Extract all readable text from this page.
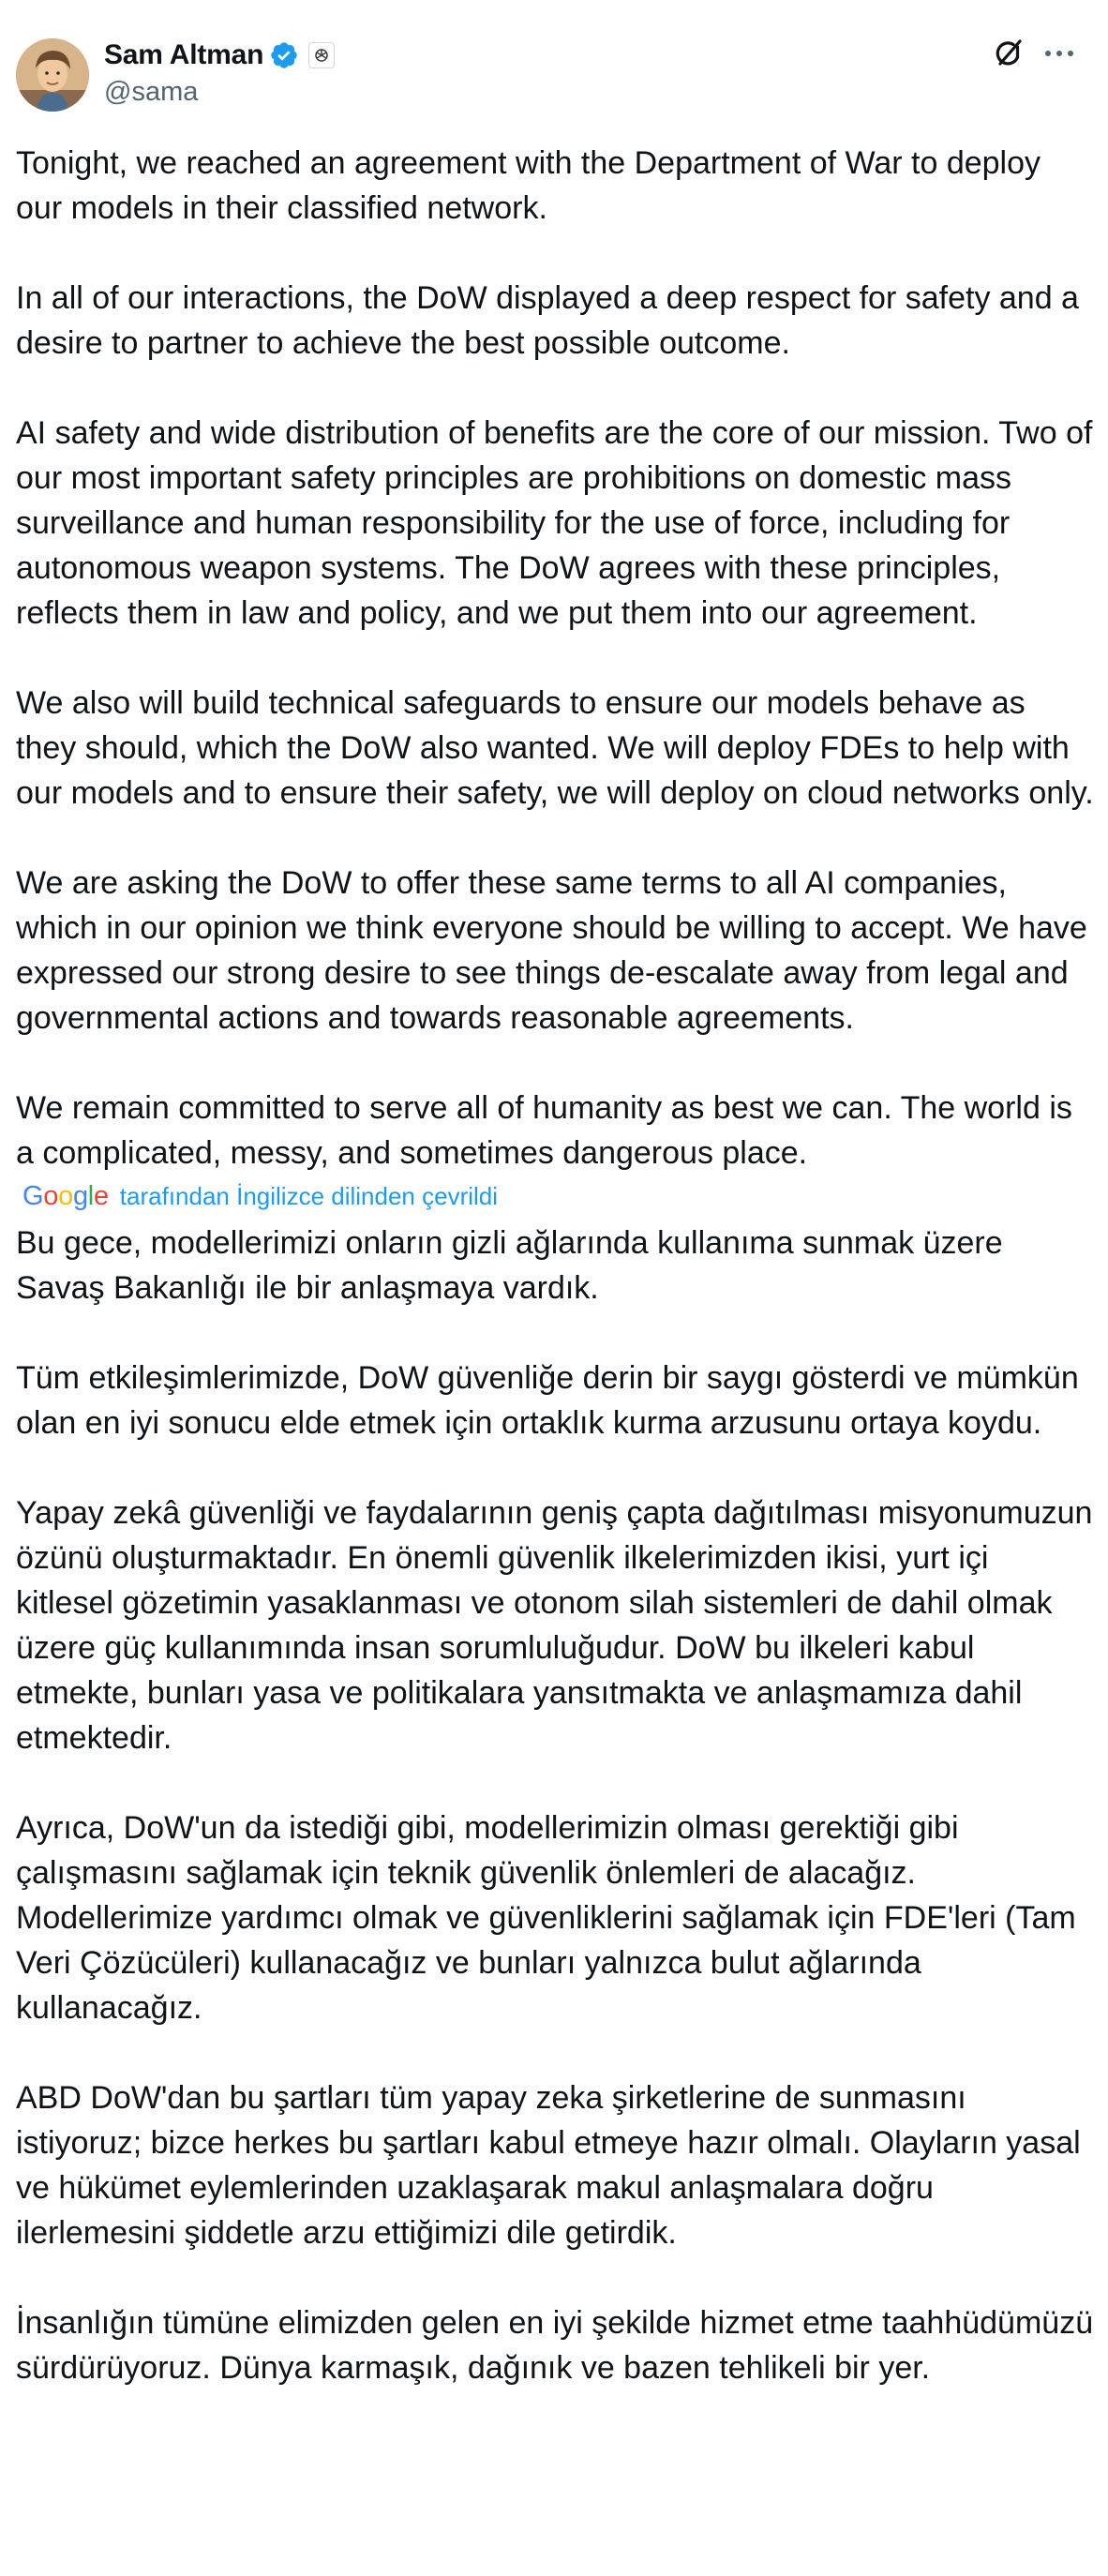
Sam Altman
@sama

Tonight, we reached an agreement with the Department of War to deploy our models in their classified network.

In all of our interactions, the DoW displayed a deep respect for safety and a desire to partner to achieve the best possible outcome.

AI safety and wide distribution of benefits are the core of our mission. Two of our most important safety principles are prohibitions on domestic mass surveillance and human responsibility for the use of force, including for autonomous weapon systems. The DoW agrees with these principles, reflects them in law and policy, and we put them into our agreement.

We also will build technical safeguards to ensure our models behave as they should, which the DoW also wanted. We will deploy FDEs to help with our models and to ensure their safety, we will deploy on cloud networks only.

We are asking the DoW to offer these same terms to all AI companies, which in our opinion we think everyone should be willing to accept. We have expressed our strong desire to see things de-escalate away from legal and governmental actions and towards reasonable agreements.

We remain committed to serve all of humanity as best we can. The world is a complicated, messy, and sometimes dangerous place.

Google tarafından İngilizce dilinden çevrildi

Bu gece, modellerimizi onların gizli ağlarında kullanıma sunmak üzere Savaş Bakanlığı ile bir anlaşmaya vardık.

Tüm etkileşimlerimizde, DoW güvenliğe derin bir saygı gösterdi ve mümkün olan en iyi sonucu elde etmek için ortaklık kurma arzusunu ortaya koydu.

Yapay zekâ güvenliği ve faydalarının geniş çapta dağıtılması misyonumuzun özünü oluşturmaktadır. En önemli güvenlik ilkelerimizden ikisi, yurt içi kitlesel gözetimin yasaklanması ve otonom silah sistemleri de dahil olmak üzere güç kullanımında insan sorumluluğudur. DoW bu ilkeleri kabul etmekte, bunları yasa ve politikalara yansıtmakta ve anlaşmamıza dahil etmektedir.

Ayrıca, DoW'un da istediği gibi, modellerimizin olması gerektiği gibi çalışmasını sağlamak için teknik güvenlik önlemleri de alacağız. Modellerimize yardımcı olmak ve güvenliklerini sağlamak için FDE'leri (Tam Veri Çözücüleri) kullanacağız ve bunları yalnızca bulut ağlarında kullanacağız.

ABD DoW'dan bu şartları tüm yapay zeka şirketlerine de sunmasını istiyoruz; bizce herkes bu şartları kabul etmeye hazır olmalı. Olayların yasal ve hükümet eylemlerinden uzaklaşarak makul anlaşmalara doğru ilerlemesini şiddetle arzu ettiğimizi dile getirdik.

İnsanlığın tümüne elimizden gelen en iyi şekilde hizmet etme taahhüdümüzü sürdürüyoruz. Dünya karmaşık, dağınık ve bazen tehlikeli bir yer.
